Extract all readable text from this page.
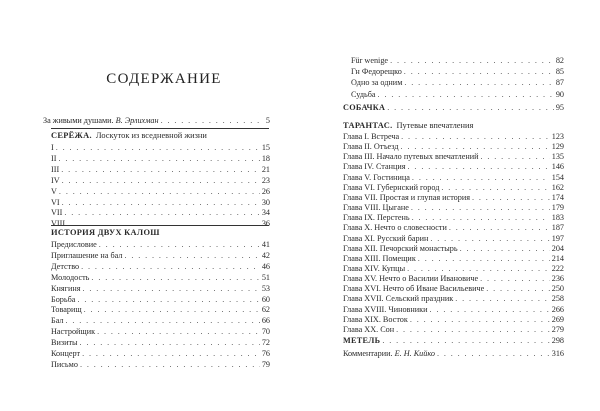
СОДЕРЖАНИЕ
За живыми душами. В. Эрлихман . . .	5
СЕРЁЖА. Лоскуток из вседневной жизни
I . . .	15
II . . .	18
III . . .	21
IV . . .	23
V . . .	26
VI . . .	30
VII . . .	34
VIII . . .	36
ИСТОРИЯ ДВУХ КАЛОШ
Предисловие . . .	41
Приглашение на бал . . .	42
Детство . . .	46
Молодость . . .	51
Княгиня . . .	53
Борьба . . .	60
Товарищ . . .	62
Бал . . .	66
Настройщик . . .	70
Визиты . . .	72
Концерт . . .	76
Письмо . . .	79
Für wenige . . .	82
Гн Федорещко . . .	85
Одно за одним . . .	87
Судьба . . .	90
СОБАЧКА . . .	95
ТАРАНТАС. Путевые впечатления
Глава I. Встреча . . .	123
Глава II. Отъезд . . .	129
Глава III. Начало путевых впечатлений . . .	135
Глава IV. Станция . . .	146
Глава V. Гостиница . . .	154
Глава VI. Губернский город . . .	162
Глава VII. Простая и глупая история . . .	174
Глава VIII. Цыгане . . .	179
Глава IX. Перстень . . .	183
Глава X. Нечто о словесности . . .	187
Глава XI. Русский барин . . .	197
Глава XII. Печорский монастырь . . .	204
Глава XIII. Помещик . . .	214
Глава XIV. Купцы . . .	222
Глава XV. Нечто о Василии Ивановиче . . .	236
Глава XVI. Нечто об Иване Васильевиче . . .	250
Глава XVII. Сельский праздник . . .	258
Глава XVIII. Чиновники . . .	266
Глава XIX. Восток . . .	269
Глава XX. Сон . . .	279
МЕТЕЛЬ . . .	298
Комментарии. Е. Н. Кийко . . .	316
